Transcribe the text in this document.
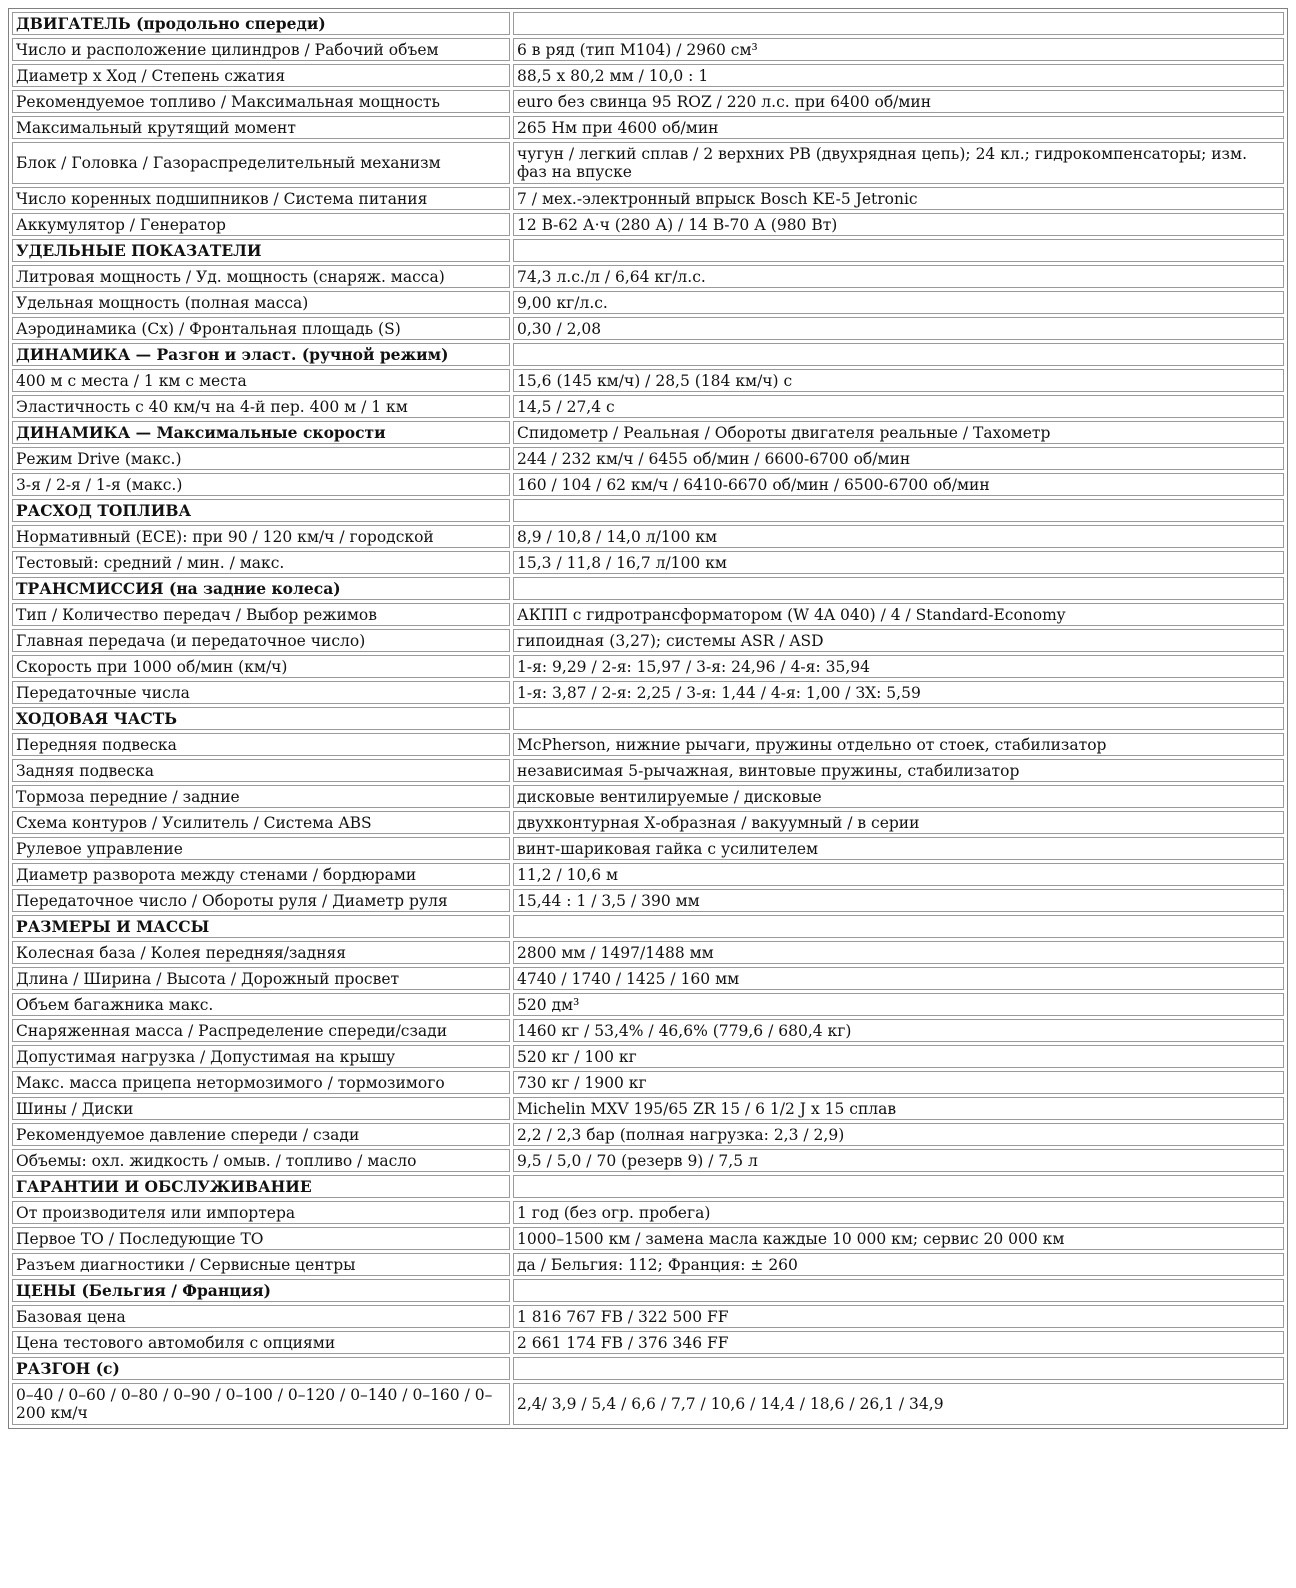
ДВИГАТЕЛЬ (продольно спереди)	
Число и расположение цилиндров / Рабочий объем	6 в ряд (тип M104) / 2960 см³
Диаметр х Ход / Степень сжатия	88,5 x 80,2 мм / 10,0 : 1
Рекомендуемое топливо / Максимальная мощность	euro без свинца 95 ROZ / 220 л.с. при 6400 об/мин
Максимальный крутящий момент	265 Нм при 4600 об/мин
Блок / Головка / Газораспределительный механизм	чугун / легкий сплав / 2 верхних РВ (двухрядная цепь); 24 кл.; гидрокомпенсаторы; изм. фаз на впуске
Число коренных подшипников / Система питания	7 / мех.-электронный впрыск Bosch KE-5 Jetronic
Аккумулятор / Генератор	12 В-62 А·ч (280 А) / 14 В-70 А (980 Вт)
УДЕЛЬНЫЕ ПОКАЗАТЕЛИ	
Литровая мощность / Уд. мощность (снаряж. масса)	74,3 л.с./л / 6,64 кг/л.с.
Удельная мощность (полная масса)	9,00 кг/л.с.
Аэродинамика (Cx) / Фронтальная площадь (S)	0,30 / 2,08
ДИНАМИКА — Разгон и эласт. (ручной режим)	
400 м с места / 1 км с места	15,6 (145 км/ч) / 28,5 (184 км/ч) с
Эластичность с 40 км/ч на 4-й пер. 400 м / 1 км	14,5 / 27,4 с
ДИНАМИКА — Максимальные скорости	Спидометр / Реальная / Обороты двигателя реальные / Тахометр
Режим Drive (макс.)	244 / 232 км/ч / 6455 об/мин / 6600-6700 об/мин
3-я / 2-я / 1-я (макс.)	160 / 104 / 62 км/ч / 6410-6670 об/мин / 6500-6700 об/мин
РАСХОД ТОПЛИВА	
Нормативный (ECE): при 90 / 120 км/ч / городской	8,9 / 10,8 / 14,0 л/100 км
Тестовый: средний / мин. / макс.	15,3 / 11,8 / 16,7 л/100 км
ТРАНСМИССИЯ (на задние колеса)	
Тип / Количество передач / Выбор режимов	АКПП с гидротрансформатором (W 4A 040) / 4 / Standard-Economy
Главная передача (и передаточное число)	гипоидная (3,27); системы ASR / ASD
Скорость при 1000 об/мин (км/ч)	1-я: 9,29 / 2-я: 15,97 / 3-я: 24,96 / 4-я: 35,94
Передаточные числа	1-я: 3,87 / 2-я: 2,25 / 3-я: 1,44 / 4-я: 1,00 / ЗХ: 5,59
ХОДОВАЯ ЧАСТЬ	
Передняя подвеска	McPherson, нижние рычаги, пружины отдельно от стоек, стабилизатор
Задняя подвеска	независимая 5-рычажная, винтовые пружины, стабилизатор
Тормоза передние / задние	дисковые вентилируемые / дисковые
Схема контуров / Усилитель / Система ABS	двухконтурная Х-образная / вакуумный / в серии
Рулевое управление	винт-шариковая гайка с усилителем
Диаметр разворота между стенами / бордюрами	11,2 / 10,6 м
Передаточное число / Обороты руля / Диаметр руля	15,44 : 1 / 3,5 / 390 мм
РАЗМЕРЫ И МАССЫ	
Колесная база / Колея передняя/задняя	2800 мм / 1497/1488 мм
Длина / Ширина / Высота / Дорожный просвет	4740 / 1740 / 1425 / 160 мм
Объем багажника макс.	520 дм³
Снаряженная масса / Распределение спереди/сзади	1460 кг / 53,4% / 46,6% (779,6 / 680,4 кг)
Допустимая нагрузка / Допустимая на крышу	520 кг / 100 кг
Макс. масса прицепа нетормозимого / тормозимого	730 кг / 1900 кг
Шины / Диски	Michelin MXV 195/65 ZR 15 / 6 1/2 J x 15 сплав
Рекомендуемое давление спереди / сзади	2,2 / 2,3 бар (полная нагрузка: 2,3 / 2,9)
Объемы: охл. жидкость / омыв. / топливо / масло	9,5 / 5,0 / 70 (резерв 9) / 7,5 л
ГАРАНТИИ И ОБСЛУЖИВАНИЕ	
От производителя или импортера	1 год (без огр. пробега)
Первое ТО / Последующие ТО	1000–1500 км / замена масла каждые 10 000 км; сервис 20 000 км
Разъем диагностики / Сервисные центры	да / Бельгия: 112; Франция: ± 260
ЦЕНЫ (Бельгия / Франция)	
Базовая цена	1 816 767 FB / 322 500 FF
Цена тестового автомобиля с опциями	2 661 174 FB / 376 346 FF
РАЗГОН (с)	
0–40 / 0–60 / 0–80 / 0–90 / 0–100 / 0–120 / 0–140 / 0–160 / 0–200 км/ч	2,4/ 3,9 / 5,4 / 6,6 / 7,7 / 10,6 / 14,4 / 18,6 / 26,1 / 34,9
